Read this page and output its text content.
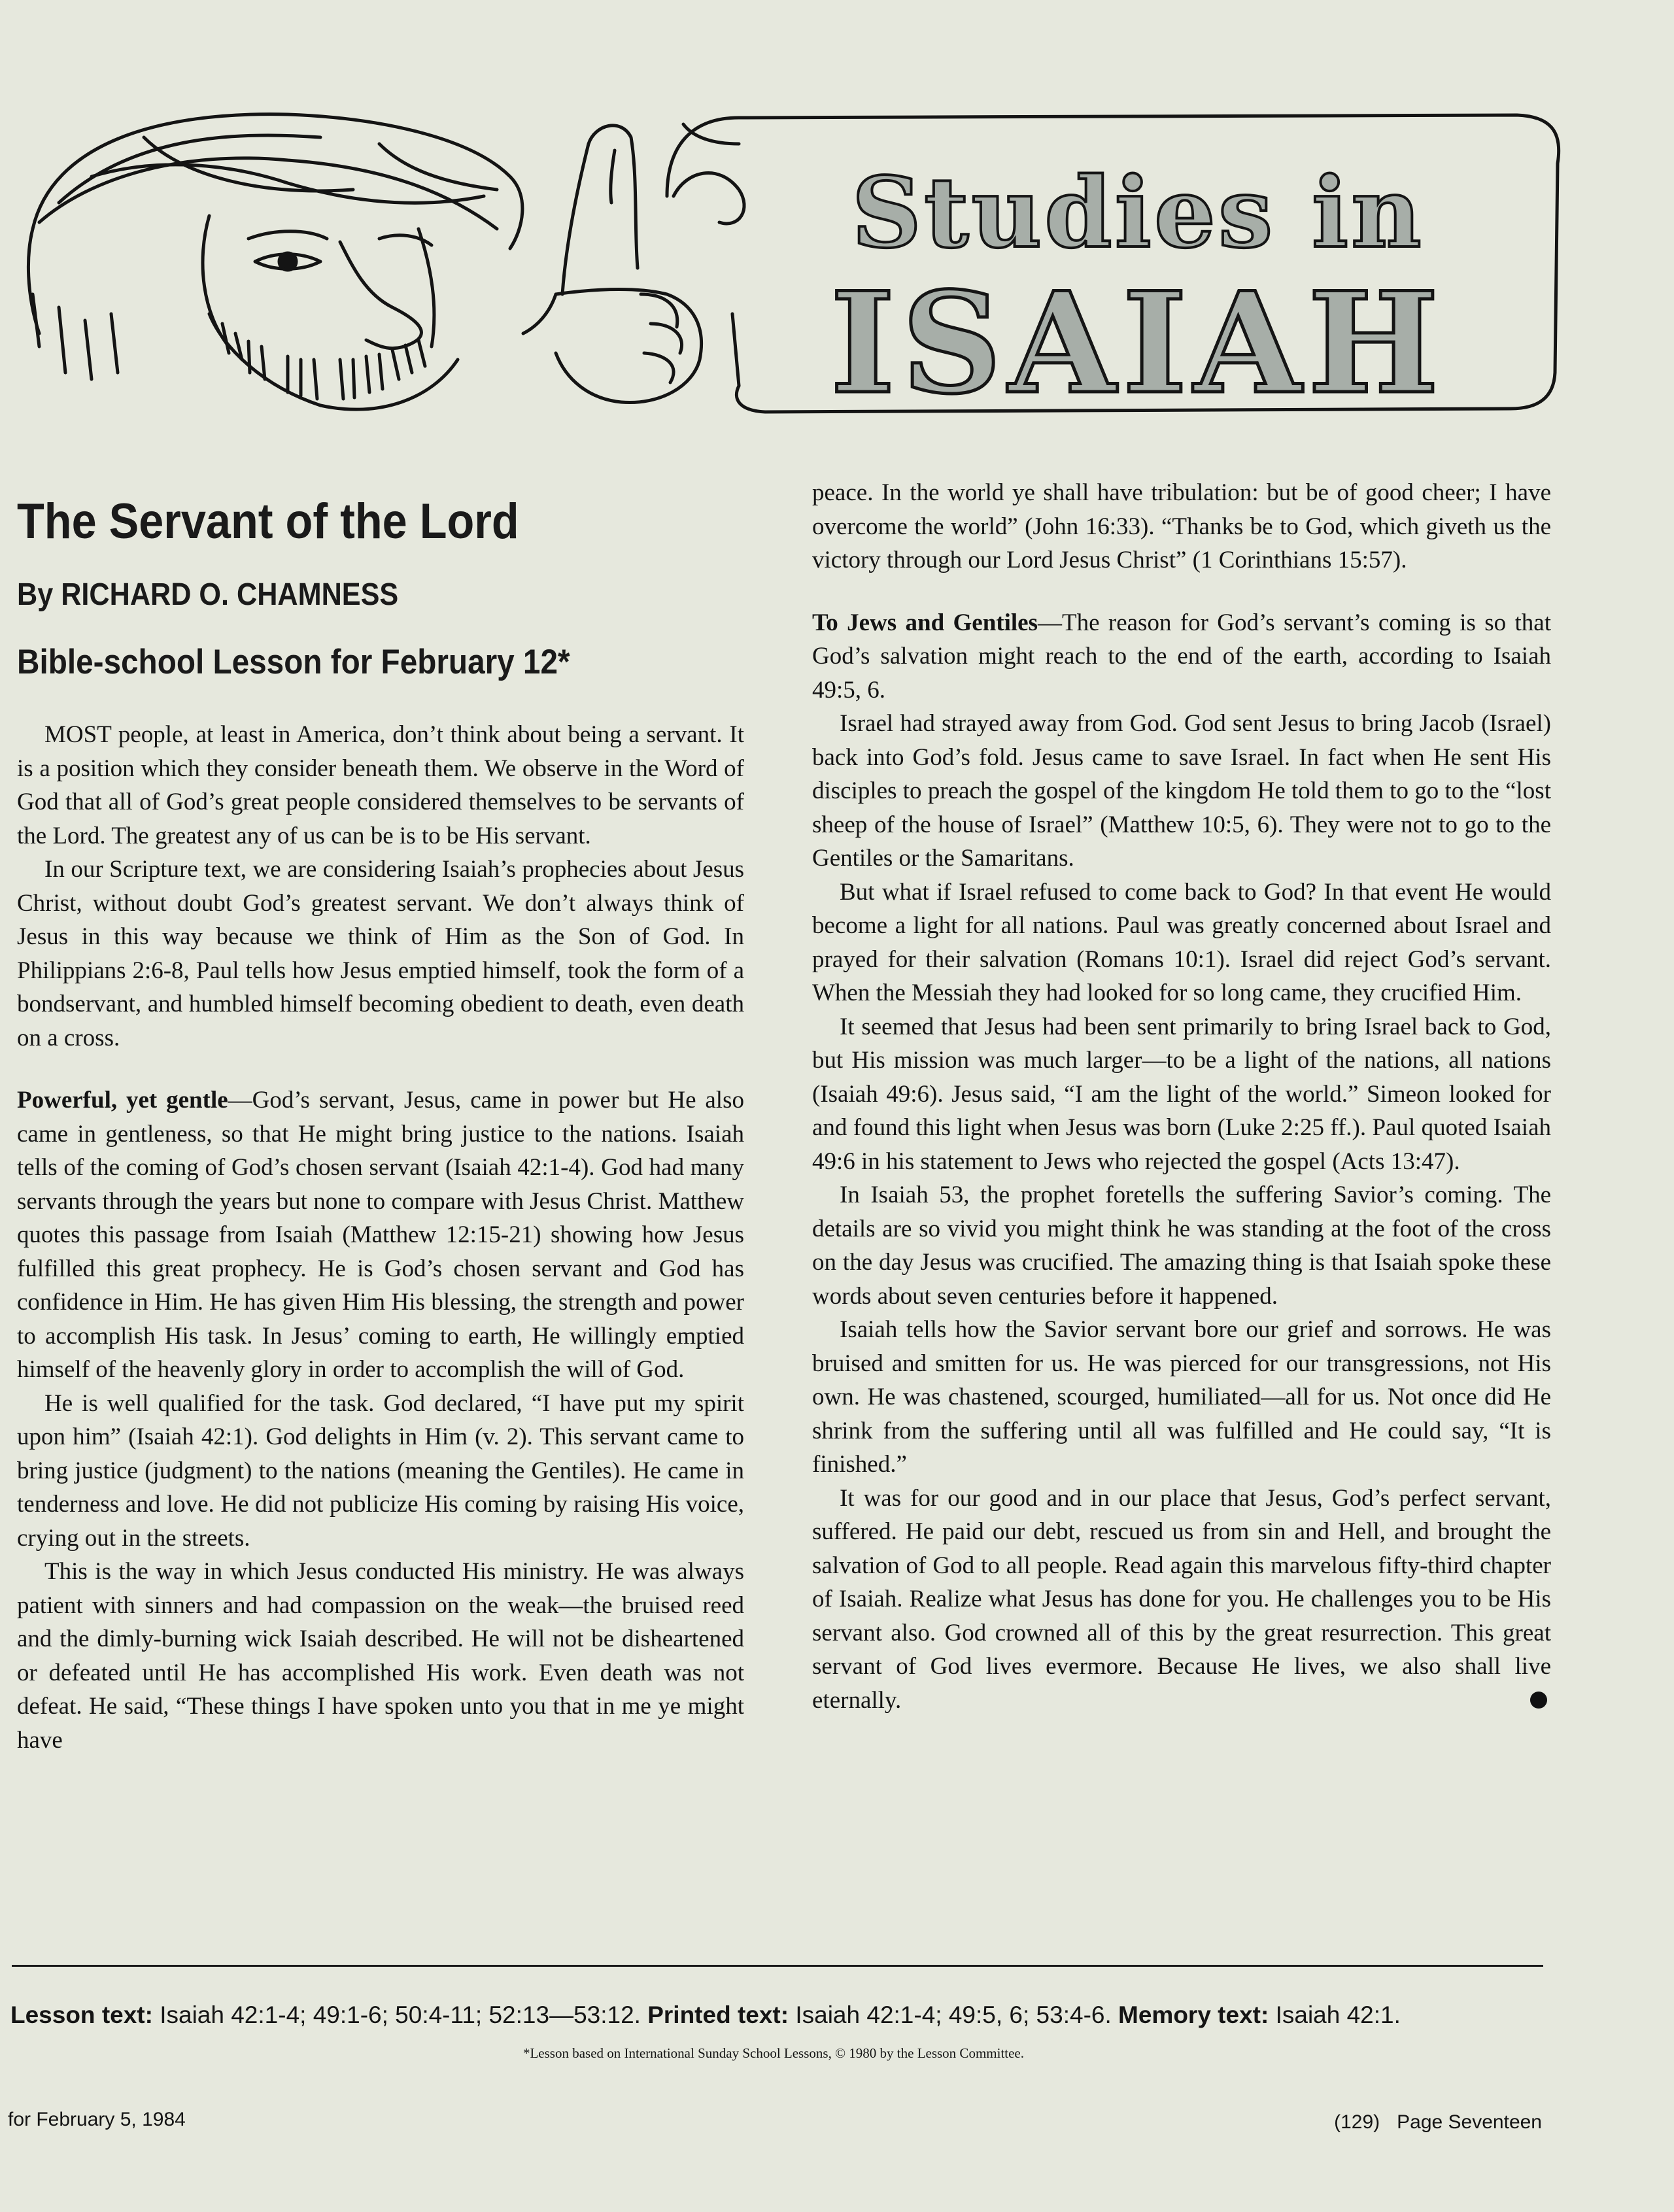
Studies in
ISAIAH
The Servant of the Lord
By RICHARD O. CHAMNESS
Bible-school Lesson for February 12*

MOST people, at least in America, don’t think about being a servant. It is a position which they consider beneath them. We observe in the Word of God that all of God’s great people considered themselves to be servants of the Lord. The greatest any of us can be is to be His servant.

In our Scripture text, we are considering Isaiah’s prophecies about Jesus Christ, without doubt God’s greatest servant. We don’t always think of Jesus in this way because we think of Him as the Son of God. In Philippians 2:6-8, Paul tells how Jesus emptied himself, took the form of a bondservant, and humbled himself becoming obedient to death, even death on a cross.

Powerful, yet gentle—God’s servant, Jesus, came in power but He also came in gentleness, so that He might bring justice to the nations. Isaiah tells of the coming of God’s chosen servant (Isaiah 42:1-4). God had many servants through the years but none to compare with Jesus Christ. Matthew quotes this passage from Isaiah (Matthew 12:15-21) showing how Jesus fulfilled this great prophecy. He is God’s chosen servant and God has confidence in Him. He has given Him His blessing, the strength and power to accomplish His task. In Jesus’ coming to earth, He willingly emptied himself of the heavenly glory in order to accomplish the will of God.

He is well qualified for the task. God declared, “I have put my spirit upon him” (Isaiah 42:1). God delights in Him (v. 2). This servant came to bring justice (judgment) to the nations (meaning the Gentiles). He came in tenderness and love. He did not publicize His coming by raising His voice, crying out in the streets.

This is the way in which Jesus conducted His ministry. He was always patient with sinners and had compassion on the weak—the bruised reed and the dimly-burning wick Isaiah described. He will not be disheartened or defeated until He has accomplished His work. Even death was not defeat. He said, “These things I have spoken unto you that in me ye might have

peace. In the world ye shall have tribulation: but be of good cheer; I have overcome the world” (John 16:33). “Thanks be to God, which giveth us the victory through our Lord Jesus Christ” (1 Corinthians 15:57).

To Jews and Gentiles—The reason for God’s servant’s coming is so that God’s salvation might reach to the end of the earth, according to Isaiah 49:5, 6.

Israel had strayed away from God. God sent Jesus to bring Jacob (Israel) back into God’s fold. Jesus came to save Israel. In fact when He sent His disciples to preach the gospel of the kingdom He told them to go to the “lost sheep of the house of Israel” (Matthew 10:5, 6). They were not to go to the Gentiles or the Samaritans.

But what if Israel refused to come back to God? In that event He would become a light for all nations. Paul was greatly concerned about Israel and prayed for their salvation (Romans 10:1). Israel did reject God’s servant. When the Messiah they had looked for so long came, they crucified Him.

It seemed that Jesus had been sent primarily to bring Israel back to God, but His mission was much larger—to be a light of the nations, all nations (Isaiah 49:6). Jesus said, “I am the light of the world.” Simeon looked for and found this light when Jesus was born (Luke 2:25 ff.). Paul quoted Isaiah 49:6 in his statement to Jews who rejected the gospel (Acts 13:47).

In Isaiah 53, the prophet foretells the suffering Savior’s coming. The details are so vivid you might think he was standing at the foot of the cross on the day Jesus was crucified. The amazing thing is that Isaiah spoke these words about seven centuries before it happened.

Isaiah tells how the Savior servant bore our grief and sorrows. He was bruised and smitten for us. He was pierced for our transgressions, not His own. He was chastened, scourged, humiliated—all for us. Not once did He shrink from the suffering until all was fulfilled and He could say, “It is finished.”

It was for our good and in our place that Jesus, God’s perfect servant, suffered. He paid our debt, rescued us from sin and Hell, and brought the salvation of God to all people. Read again this marvelous fifty-third chapter of Isaiah. Realize what Jesus has done for you. He challenges you to be His servant also. God crowned all of this by the great resurrection. This great servant of God lives evermore. Because He lives, we also shall live eternally.

Lesson text: Isaiah 42:1-4; 49:1-6; 50:4-11; 52:13—53:12. Printed text: Isaiah 42:1-4; 49:5, 6; 53:4-6. Memory text: Isaiah 42:1.
*Lesson based on International Sunday School Lessons, © 1980 by the Lesson Committee.
for February 5, 1984	(129) Page Seventeen
